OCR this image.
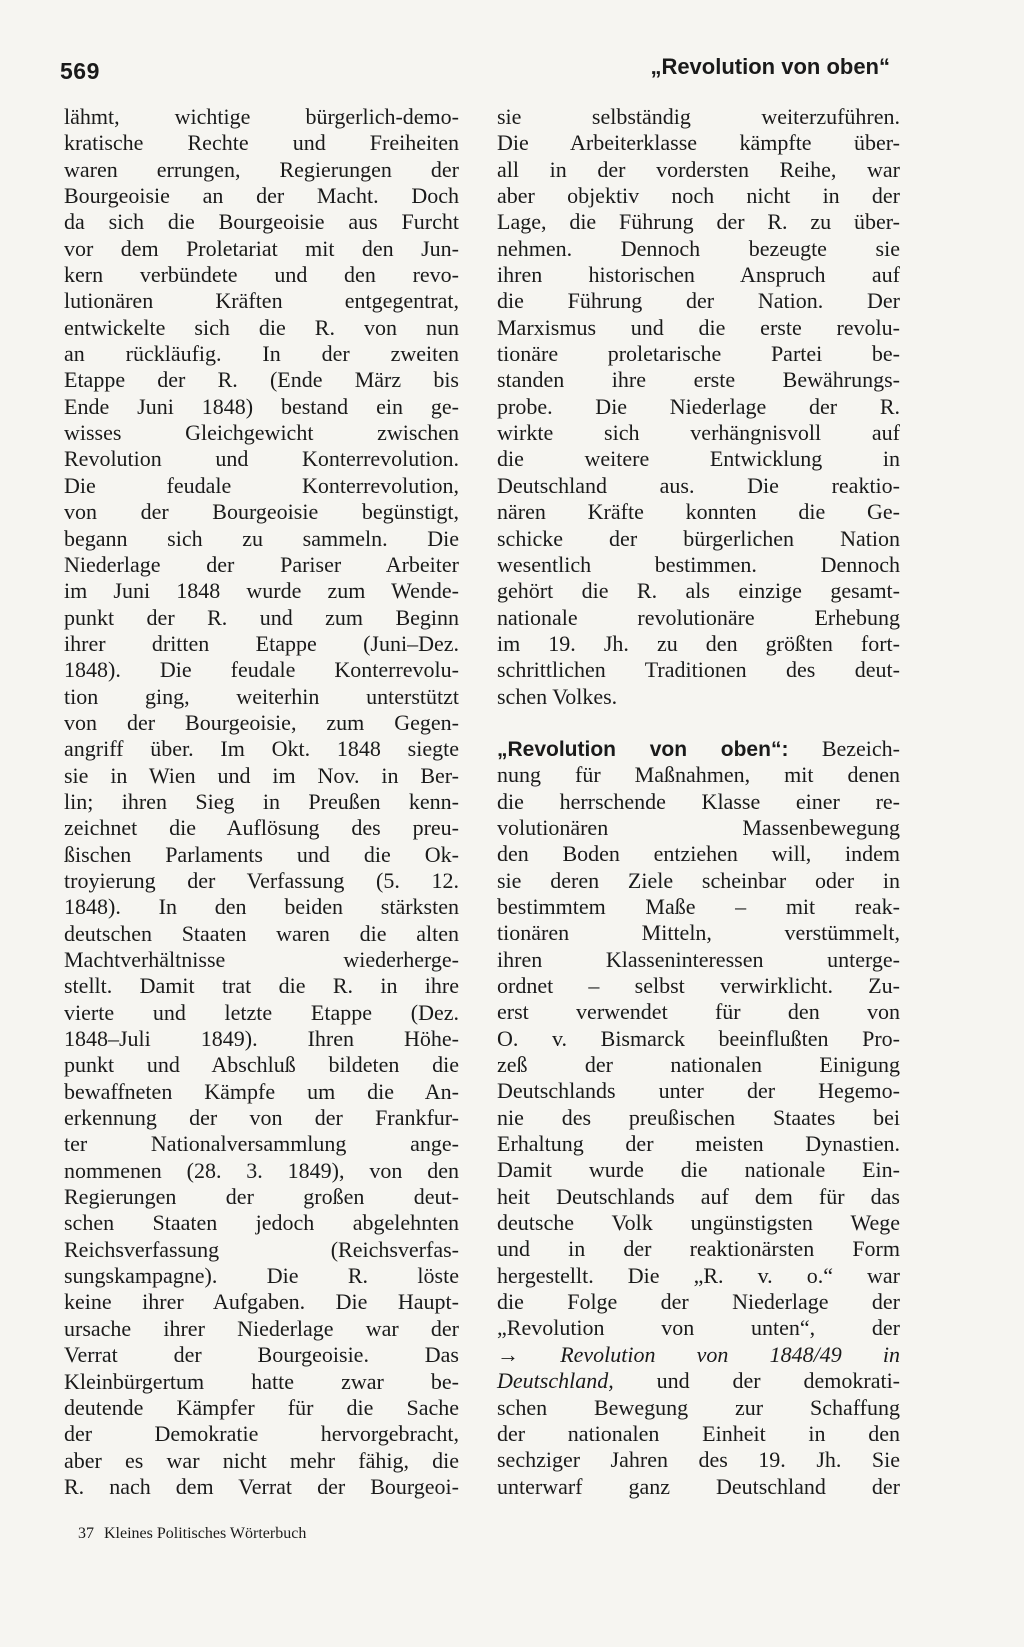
569	„Revolution von oben“
lähmt, wichtige bürgerlich-demo-
kratische Rechte und Freiheiten
waren errungen, Regierungen der
Bourgeoisie an der Macht. Doch
da sich die Bourgeoisie aus Furcht
vor dem Proletariat mit den Jun-
kern verbündete und den revo-
lutionären Kräften entgegentrat,
entwickelte sich die R. von nun
an rückläufig. In der zweiten
Etappe der R. (Ende März bis
Ende Juni 1848) bestand ein ge-
wisses Gleichgewicht zwischen
Revolution und Konterrevolution.
Die feudale Konterrevolution,
von der Bourgeoisie begünstigt,
begann sich zu sammeln. Die
Niederlage der Pariser Arbeiter
im Juni 1848 wurde zum Wende-
punkt der R. und zum Beginn
ihrer dritten Etappe (Juni–Dez.
1848). Die feudale Konterrevolu-
tion ging, weiterhin unterstützt
von der Bourgeoisie, zum Gegen-
angriff über. Im Okt. 1848 siegte
sie in Wien und im Nov. in Ber-
lin; ihren Sieg in Preußen kenn-
zeichnet die Auflösung des preu-
ßischen Parlaments und die Ok-
troyierung der Verfassung (5. 12.
1848). In den beiden stärksten
deutschen Staaten waren die alten
Machtverhältnisse wiederherge-
stellt. Damit trat die R. in ihre
vierte und letzte Etappe (Dez.
1848–Juli 1849). Ihren Höhe-
punkt und Abschluß bildeten die
bewaffneten Kämpfe um die An-
erkennung der von der Frankfur-
ter Nationalversammlung ange-
nommenen (28. 3. 1849), von den
Regierungen der großen deut-
schen Staaten jedoch abgelehnten
Reichsverfassung (Reichsverfas-
sungskampagne). Die R. löste
keine ihrer Aufgaben. Die Haupt-
ursache ihrer Niederlage war der
Verrat der Bourgeoisie. Das
Kleinbürgertum hatte zwar be-
deutende Kämpfer für die Sache
der Demokratie hervorgebracht,
aber es war nicht mehr fähig, die
R. nach dem Verrat der Bourgeoi-
sie selbständig weiterzuführen.
Die Arbeiterklasse kämpfte über-
all in der vordersten Reihe, war
aber objektiv noch nicht in der
Lage, die Führung der R. zu über-
nehmen. Dennoch bezeugte sie
ihren historischen Anspruch auf
die Führung der Nation. Der
Marxismus und die erste revolu-
tionäre proletarische Partei be-
standen ihre erste Bewährungs-
probe. Die Niederlage der R.
wirkte sich verhängnisvoll auf
die weitere Entwicklung in
Deutschland aus. Die reaktio-
nären Kräfte konnten die Ge-
schicke der bürgerlichen Nation
wesentlich bestimmen. Dennoch
gehört die R. als einzige gesamt-
nationale revolutionäre Erhebung
im 19. Jh. zu den größten fort-
schrittlichen Traditionen des deut-
schen Volkes.
„Revolution von oben“: Bezeich-
nung für Maßnahmen, mit denen
die herrschende Klasse einer re-
volutionären Massenbewegung
den Boden entziehen will, indem
sie deren Ziele scheinbar oder in
bestimmtem Maße – mit reak-
tionären Mitteln, verstümmelt,
ihren Klasseninteressen unterge-
ordnet – selbst verwirklicht. Zu-
erst verwendet für den von
O. v. Bismarck beeinflußten Pro-
zeß der nationalen Einigung
Deutschlands unter der Hegemo-
nie des preußischen Staates bei
Erhaltung der meisten Dynastien.
Damit wurde die nationale Ein-
heit Deutschlands auf dem für das
deutsche Volk ungünstigsten Wege
und in der reaktionärsten Form
hergestellt. Die „R. v. o.“ war
die Folge der Niederlage der
„Revolution von unten“, der
→ Revolution von 1848/49 in
Deutschland, und der demokrati-
schen Bewegung zur Schaffung
der nationalen Einheit in den
sechziger Jahren des 19. Jh. Sie
unterwarf ganz Deutschland der
37 Kleines Politisches Wörterbuch
